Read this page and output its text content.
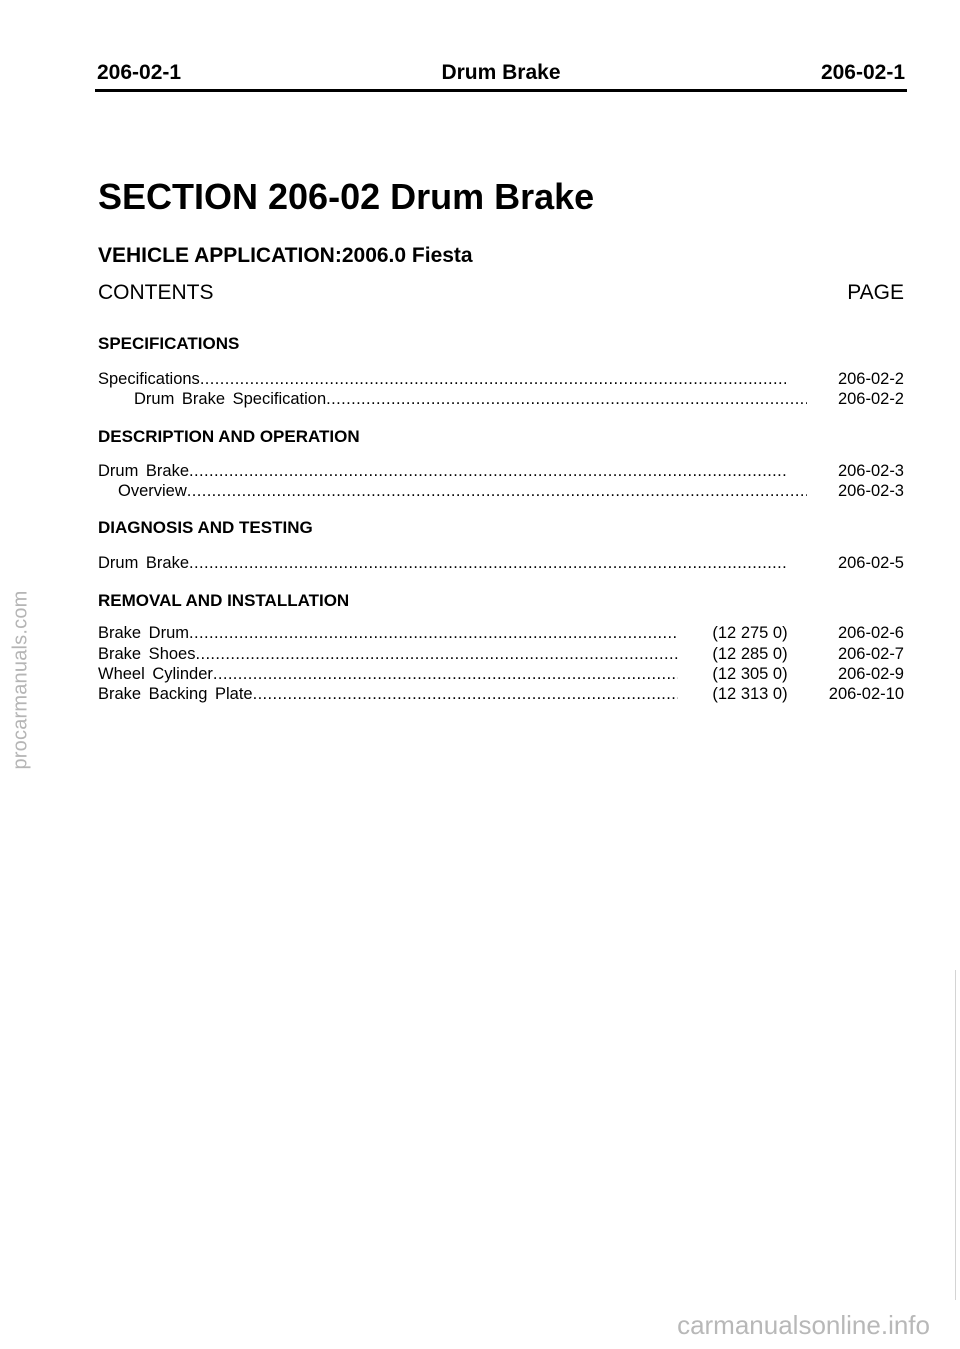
206-02-1	Drum Brake	206-02-1
SECTION 206-02 Drum Brake
VEHICLE APPLICATION:2006.0 Fiesta
CONTENTS	PAGE
SPECIFICATIONS
Specifications .....	206-02-2
Drum Brake Specification .....	206-02-2
DESCRIPTION AND OPERATION
Drum Brake .....	206-02-3
Overview .....	206-02-3
DIAGNOSIS AND TESTING
Drum Brake .....	206-02-5
REMOVAL AND INSTALLATION
Brake Drum .....	(12 275 0)	206-02-6
Brake Shoes .....	(12 285 0)	206-02-7
Wheel Cylinder .....	(12 305 0)	206-02-9
Brake Backing Plate .....	(12 313 0)	206-02-10
procarmanuals.com
carmanualsonline.info
